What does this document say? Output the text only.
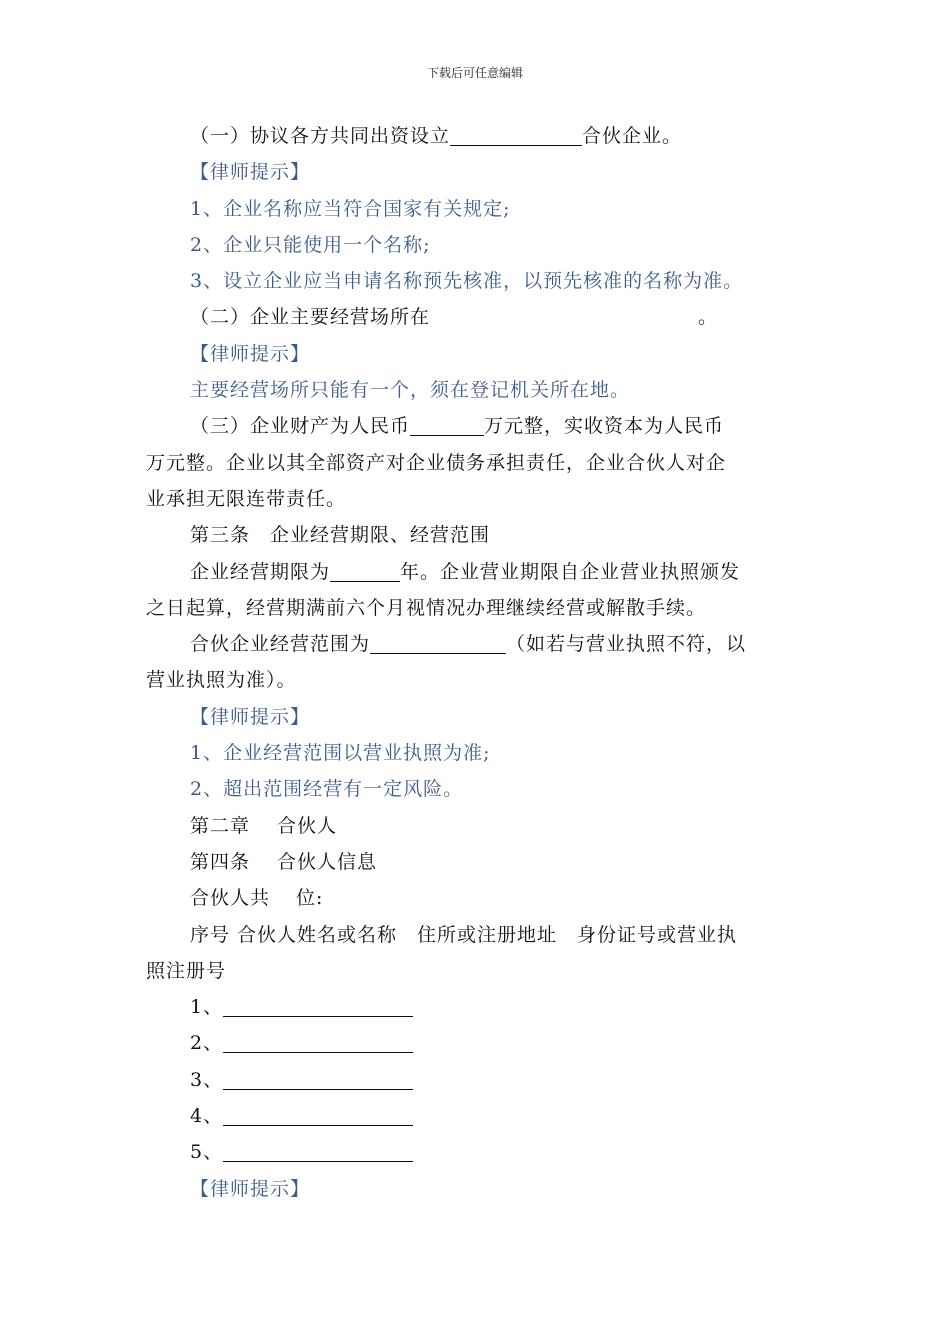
下载后可任意编辑
（一）协议各方共同出资设立	合伙企业。
【律师提示】
1、企业名称应当符合国家有关规定;
2、企业只能使用一个名称;
3、设立企业应当申请名称预先核准，以预先核准的名称为准。
（二）企业主要经营场所在	。
【律师提示】
主要经营场所只能有一个，须在登记机关所在地。
（三）企业财产为人民币	万元整，实收资本为人民币
万元整。企业以其全部资产对企业债务承担责任，企业合伙人对企
业承担无限连带责任。
第三条　企业经营期限、经营范围
企业经营期限为	年。企业营业期限自企业营业执照颁发
之日起算，经营期满前六个月视情况办理继续经营或解散手续。
合伙企业经营范围为	（如若与营业执照不符，以
营业执照为准）。
【律师提示】
1、企业经营范围以营业执照为准;
2、超出范围经营有一定风险。
第二章　 合伙人
第四条　 合伙人信息
合伙人共 位:
序号 合伙人姓名或名称　住所或注册地址　身份证号或营业执
照注册号
1、
2、
3、
4、
5、
【律师提示】
